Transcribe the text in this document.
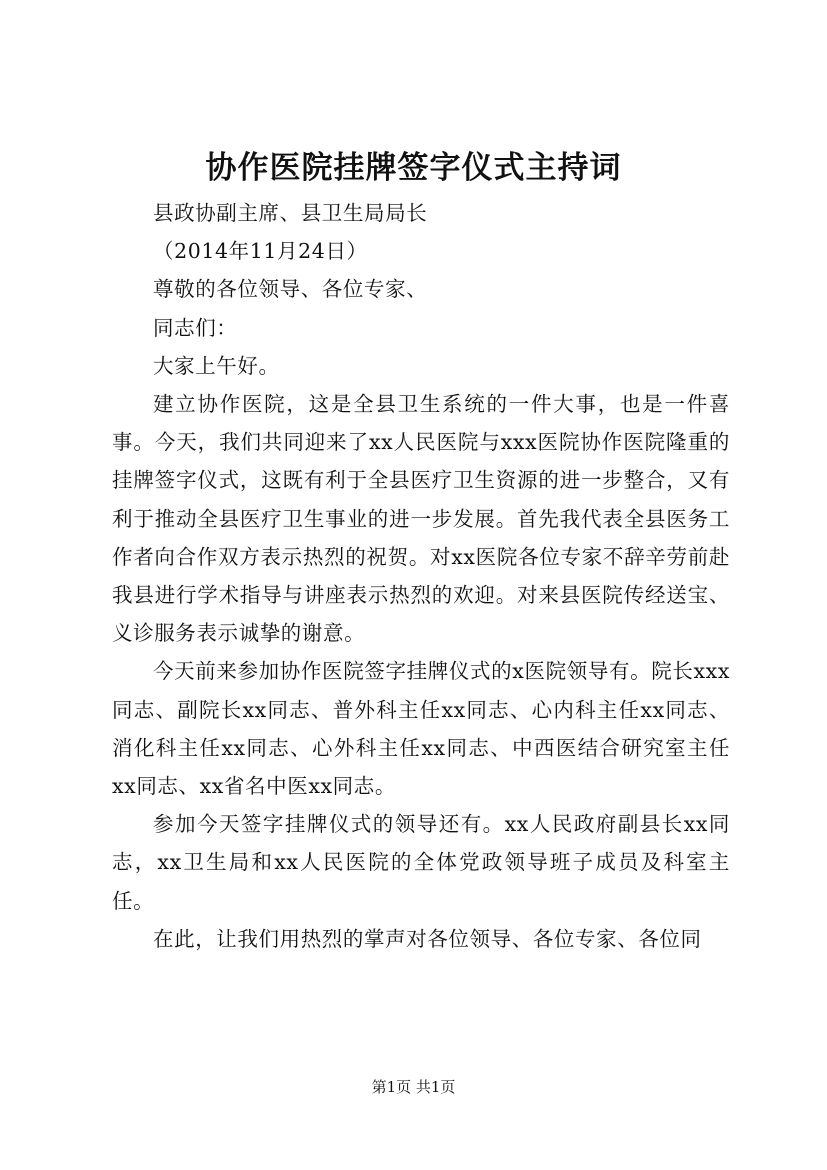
协作医院挂牌签字仪式主持词

县政协副主席、县卫生局局长

（2014年11月24日）

尊敬的各位领导、各位专家、

同志们：

大家上午好。

建立协作医院，这是全县卫生系统的一件大事，也是一件喜事。今天，我们共同迎来了xx人民医院与xxx医院协作医院隆重的挂牌签字仪式，这既有利于全县医疗卫生资源的进一步整合，又有利于推动全县医疗卫生事业的进一步发展。首先我代表全县医务工作者向合作双方表示热烈的祝贺。对xx医院各位专家不辞辛劳前赴我县进行学术指导与讲座表示热烈的欢迎。对来县医院传经送宝、义诊服务表示诚挚的谢意。

今天前来参加协作医院签字挂牌仪式的x医院领导有。院长xxx同志、副院长xx同志、普外科主任xx同志、心内科主任xx同志、消化科主任xx同志、心外科主任xx同志、中西医结合研究室主任xx同志、xx省名中医xx同志。

参加今天签字挂牌仪式的领导还有。xx人民政府副县长xx同志，xx卫生局和xx人民医院的全体党政领导班子成员及科室主任。

在此，让我们用热烈的掌声对各位领导、各位专家、各位同

第1页 共1页
